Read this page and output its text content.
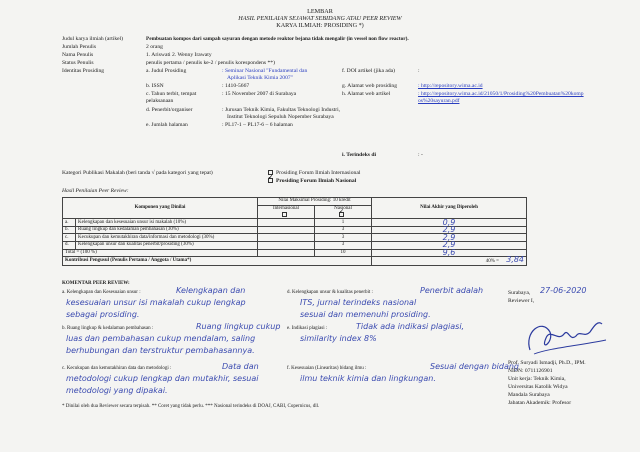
LEMBAR
HASIL PENILAIAN SEJAWAT SEBIDANG ATAU PEER REVIEW
KARYA ILMIAH: PROSIDING *)
Judul karya ilmiah (artikel)	Pembuatan kompos dari sampah sayuran dengan metode reaktor bejana tidak mengalir (in vessel non flow reactor).
Jumlah Penulis	2 orang
Nama Penulis	1. Ariswati 2. Wenny Irawaty
Status Penulis	penulis pertama / penulis ke-2 / penulis korespondens **)
Identitas Prosiding	a. Judul Prosiding	: Seminar Nasional "Fundamental dan
Aplikasi Teknik Kimia 2007"
b. ISSN	: 1410-5667
c. Tahun terbit, tempat pelaksanaan
: 15 November 2007 di Surabaya
d. Penerbit/organiser	: Jurusan Teknik Kimia, Fakultas Teknologi Industri,
Institut Teknologi Sepuluh Nopember Surabaya
e. Jumlah halaman	: PL17-1 – PL17-6 – 6 halaman
f. DOI artikel (jika ada)	:
g. Alamat web prosiding	: http://repository.wima.ac.id
h. Alamat web artikel	: http://repository.wima.ac.id/21050/1/Prosiding%20Pembuatan%20kompos%20sayuran.pdf
i. Terindeks di	: -
Kategori Publikasi Makalah (beri tanda √ pada kategori yang tepat)	Prosiding Forum Ilmiah Internasional
✓Prosiding Forum Ilmiah Nasional
Hasil Penilaian Peer Review:
Komponen yang Dinilai		Nilai Maksimal Prosiding: 10 kredit		Nilai Akhir yang Diperoleh
		Internasional	Nasional
✓
a.	Kelengkapan dan kesesuaian unsur isi makalah (10%)		1	0,9
b.	Ruang lingkup dan kedalaman pembahasan (30%)		3	2,9
c.	Kecukupan dan kemutakhiran data/informasi dan metodologi (30%)		3	2,9
d.	Kelengkapan unsur dan kualitas penerbit/prosiding (30%)		3	2,9
Total = (100 %)			10	9,6
Kontribusi Pengusul (Penulis Pertama / Anggota / Utama*)				40% = 3,84
KOMENTAR PEER REVIEW:
a. Kelengkapan dan Kesesuaian unsur :	Kelengkapan dan
kesesuaian unsur isi makalah cukup lengkap
sebagai prosiding.
b. Ruang lingkup & kedalaman pembahasan :	Ruang lingkup cukup
luas dan pembahasan cukup mendalam, saling
berhubungan dan terstruktur pembahasannya.
c. Kecukupan dan kemutakhiran data dan metodologi :	Data dan
metodologi cukup lengkap dan mutakhir, sesuai
metodologi yang dipakai.
d. Kelengkapan unsur & kualitas penerbit :	Penerbit adalah
ITS, jurnal terindeks nasional
sesuai dan memenuhi prosiding.
e. Indikasi plagiasi :	Tidak ada indikasi plagiasi,
similarity index 8%
f. Kesesuaian (Linearitas) bidang ilmu :	Sesuai dengan bidang
ilmu teknik kimia dan lingkungan.
Surabaya, 27-06-2020
Reviewer I,
Prof. Suryadi Ismadji, Ph.D., IPM.
NIDN: 0711126901
Unit kerja: Teknik Kimia,
Universitas Katolik Widya
Mandala Surabaya
Jabatan Akademik: Profesor
* Dinilai oleh dua Reviewer secara terpisah. ** Coret yang tidak perlu. *** Nasional terindeks di DOAJ, CABI, Copernicus, dll.
